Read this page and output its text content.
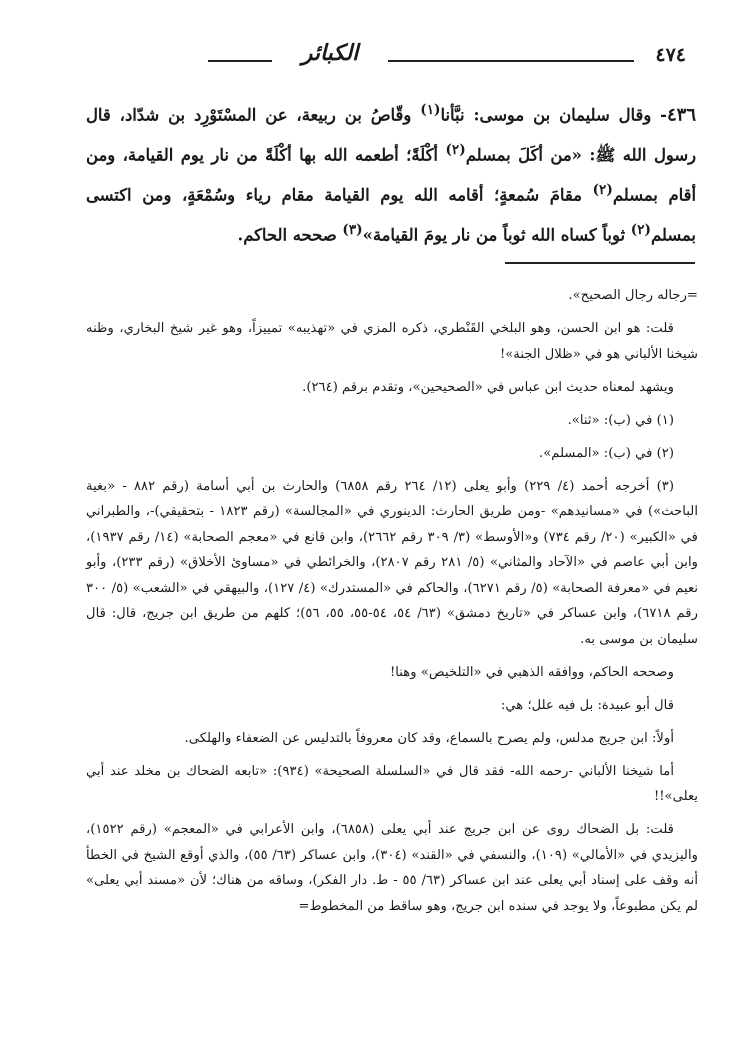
٤٧٤
الكبائر
٤٣٦- وقال سليمان بن موسى: نبَّأنا$^{(١)}$ وقّاصُ بن ربيعة، عن المسْتَوْرِد بن شدّاد، قال رسول الله ﷺ: «من أكَلَ بمسلم$^{(٢)}$ أكْلَةً؛ أطعمه الله بها أكْلَةً من نار يوم القيامة، ومن أقام بمسلم$^{(٢)}$ مقامَ سُمعةٍ؛ أقامه الله يوم القيامة مقام رياء وسُمْعَةٍ، ومن اكتسى بمسلم$^{(٢)}$ ثوباً كساه الله ثوباً من نار يومَ القيامة»$^{(٣)}$ صححه الحاكم.

=رجاله رجال الصحيح».

قلت: هو ابن الحسن، وهو البلخي القَنْطري، ذكره المزي في «تهذيبه» تمييزاً، وهو غير شيخ البخاري، وظنه شيخنا الألباني هو في «ظلال الجنة»!

ويشهد لمعناه حديث ابن عباس في «الصحيحين»، وتقدم برقم (٢٦٤).

(١) في (ب): «ثنا».

(٢) في (ب): «المسلم».

(٣) أخرجه أحمد (٤/ ٢٢٩) وأبو يعلى (١٢/ ٢٦٤ رقم ٦٨٥٨) والحارث بن أبي أسامة (رقم ٨٨٢ - «بغية الباحث») في «مسانيدهم» -ومن طريق الحارث: الدينوري في «المجالسة» (رقم ١٨٢٣ - بتحقيقي)-، والطبراني في «الكبير» (٢٠/ رقم ٧٣٤) و«الأوسط» (٣/ ٣٠٩ رقم ٢٦٦٢)، وابن قانع في «معجم الصحابة» (١٤/ رقم ١٩٣٧)، وابن أبي عاصم في «الآحاد والمثاني» (٥/ ٢٨١ رقم ٢٨٠٧)، والخرائطي في «مساوئ الأخلاق» (رقم ٢٣٣)، وأبو نعيم في «معرفة الصحابة» (٥/ رقم ٦٢٧١)، والحاكم في «المستدرك» (٤/ ١٢٧)، والبيهقي في «الشعب» (٥/ ٣٠٠ رقم ٦٧١٨)، وابن عساكر في «تاريخ دمشق» (٦٣/ ٥٤، ٥٤-٥٥، ٥٥، ٥٦)؛ كلهم من طريق ابن جريج، قال: قال سليمان بن موسى به.

وصححه الحاكم، ووافقه الذهبي في «التلخيص» وهنا!

قال أبو عبيدة: بل فيه علل؛ هي:

أولاً: ابن جريج مدلس، ولم يصرح بالسماع، وقد كان معروفاً بالتدليس عن الضعفاء والهلكى.

أما شيخنا الألباني -رحمه الله- فقد قال في «السلسلة الصحيحة» (٩٣٤): «تابعه الضحاك بن مخلد عند أبي يعلى»!!

قلت: بل الضحاك روى عن ابن جريج عند أبي يعلى (٦٨٥٨)، وابن الأعرابي في «المعجم» (رقم ١٥٢٢)، واليزيدي في «الأمالي» (١٠٩)، والنسفي في «القند» (٣٠٤)، وابن عساكر (٦٣/ ٥٥)، والذي أوقع الشيخ في الخطأ أنه وقف على إسناد أبي يعلى عند ابن عساكر (٦٣/ ٥٥ - ط. دار الفكر)، وساقه من هناك؛ لأن «مسند أبي يعلى» لم يكن مطبوعاً، ولا يوجد في سنده ابن جريج، وهو ساقط من المخطوط=
